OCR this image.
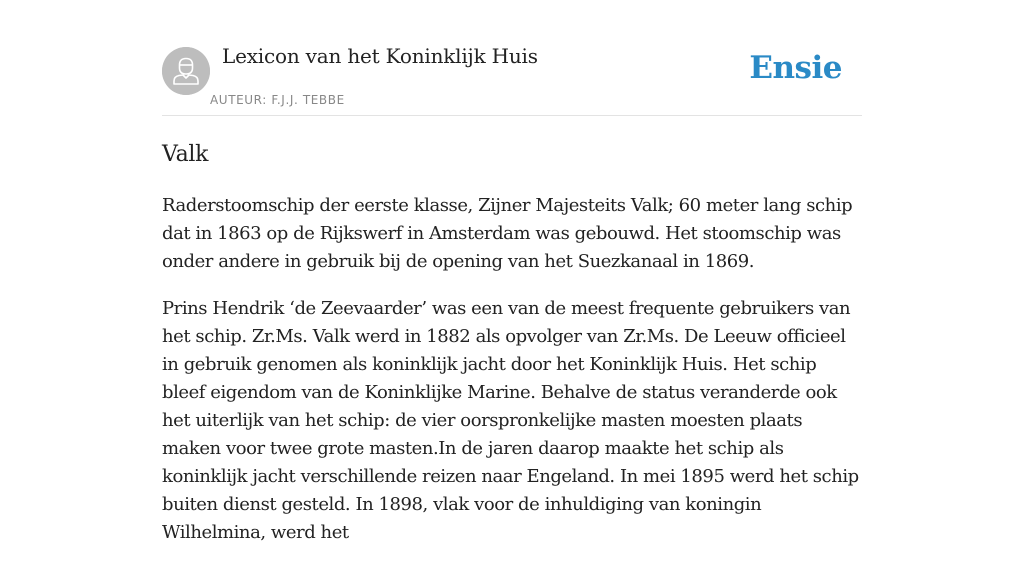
Lexicon van het Koninklijk Huis
AUTEUR: F.J.J. TEBBE
Ensie
Valk

Raderstoomschip der eerste klasse, Zijner Majesteits Valk; 60 meter lang schip dat in 1863 op de Rijkswerf in Amsterdam was gebouwd. Het stoomschip was onder andere in gebruik bij de opening van het Suezkanaal in 1869.

Prins Hendrik ‘de Zeevaarder’ was een van de meest frequente gebruikers van het schip. Zr.Ms. Valk werd in 1882 als opvolger van Zr.Ms. De Leeuw officieel in gebruik genomen als koninklijk jacht door het Koninklijk Huis. Het schip bleef eigendom van de Koninklijke Marine. Behalve de status veranderde ook het uiterlijk van het schip: de vier oorspronkelijke masten moesten plaats maken voor twee grote masten.In de jaren daarop maakte het schip als koninklijk jacht verschillende reizen naar Engeland. In mei 1895 werd het schip buiten dienst gesteld. In 1898, vlak voor de inhuldiging van koningin Wilhelmina, werd het
